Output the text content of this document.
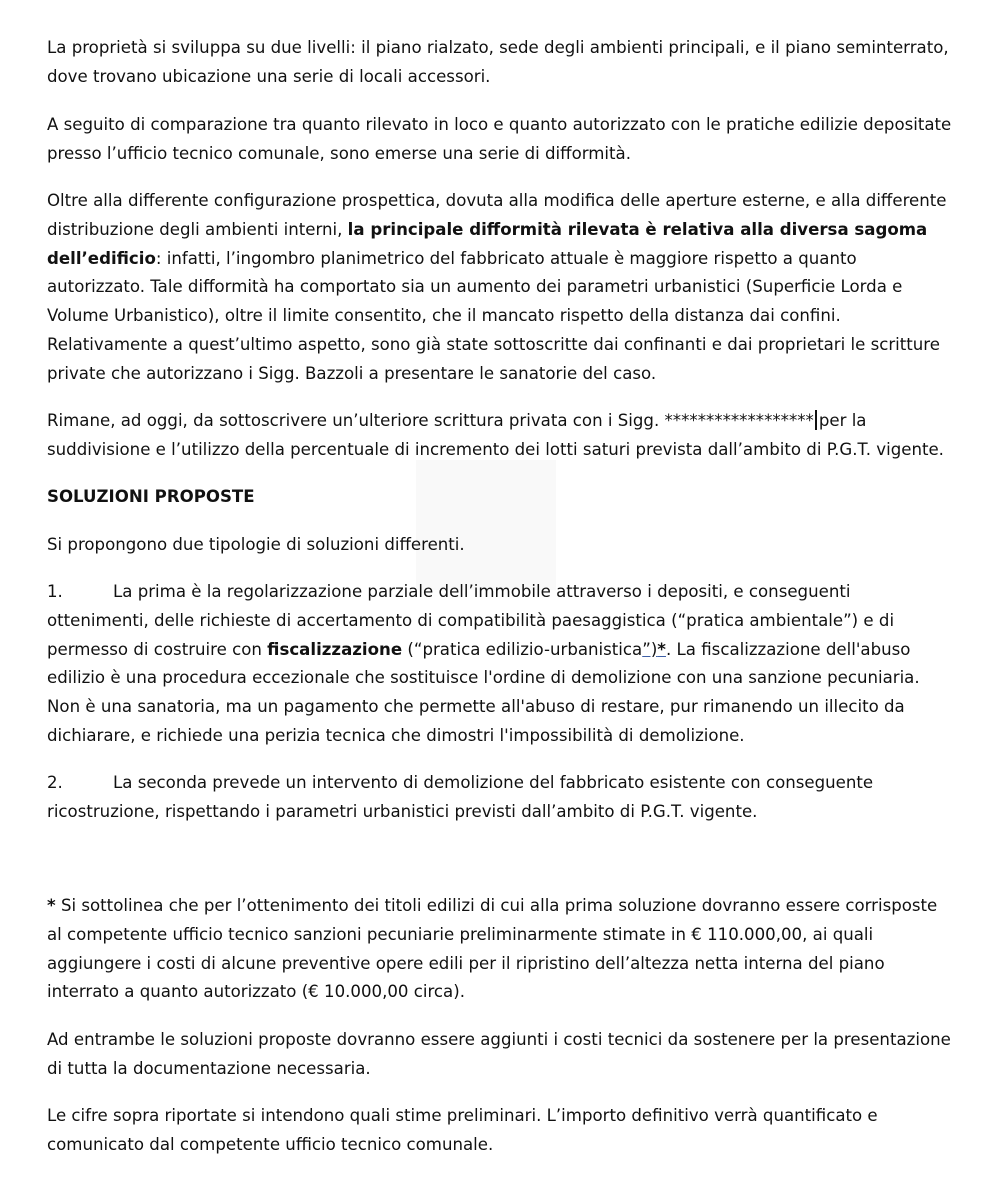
La proprietà si sviluppa su due livelli: il piano rialzato, sede degli ambienti principali, e il piano seminterrato, dove trovano ubicazione una serie di locali accessori.

A seguito di comparazione tra quanto rilevato in loco e quanto autorizzato con le pratiche edilizie depositate presso l’ufficio tecnico comunale, sono emerse una serie di difformità.

Oltre alla differente configurazione prospettica, dovuta alla modifica delle aperture esterne, e alla differente distribuzione degli ambienti interni, la principale difformità rilevata è relativa alla diversa sagoma dell’edificio: infatti, l’ingombro planimetrico del fabbricato attuale è maggiore rispetto a quanto autorizzato. Tale difformità ha comportato sia un aumento dei parametri urbanistici (Superficie Lorda e Volume Urbanistico), oltre il limite consentito, che il mancato rispetto della distanza dai confini. Relativamente a quest’ultimo aspetto, sono già state sottoscritte dai confinanti e dai proprietari le scritture private che autorizzano i Sigg. Bazzoli a presentare le sanatorie del caso.

Rimane, ad oggi, da sottoscrivere un’ulteriore scrittura privata con i Sigg. ****************** per la suddivisione e l’utilizzo della percentuale di incremento dei lotti saturi prevista dall’ambito di P.G.T. vigente.

SOLUZIONI PROPOSTE

Si propongono due tipologie di soluzioni differenti.

1.	La prima è la regolarizzazione parziale dell’immobile attraverso i depositi, e conseguenti ottenimenti, delle richieste di accertamento di compatibilità paesaggistica (“pratica ambientale”) e di permesso di costruire con fiscalizzazione (“pratica edilizio-urbanistica”)*. La fiscalizzazione dell'abuso edilizio è una procedura eccezionale che sostituisce l'ordine di demolizione con una sanzione pecuniaria. Non è una sanatoria, ma un pagamento che permette all'abuso di restare, pur rimanendo un illecito da dichiarare, e richiede una perizia tecnica che dimostri l'impossibilità di demolizione.

2.	La seconda prevede un intervento di demolizione del fabbricato esistente con conseguente ricostruzione, rispettando i parametri urbanistici previsti dall’ambito di P.G.T. vigente.

* Si sottolinea che per l’ottenimento dei titoli edilizi di cui alla prima soluzione dovranno essere corrisposte al competente ufficio tecnico sanzioni pecuniarie preliminarmente stimate in € 110.000,00, ai quali aggiungere i costi di alcune preventive opere edili per il ripristino dell’altezza netta interna del piano interrato a quanto autorizzato (€ 10.000,00 circa).

Ad entrambe le soluzioni proposte dovranno essere aggiunti i costi tecnici da sostenere per la presentazione di tutta la documentazione necessaria.

Le cifre sopra riportate si intendono quali stime preliminari. L’importo definitivo verrà quantificato e comunicato dal competente ufficio tecnico comunale.
